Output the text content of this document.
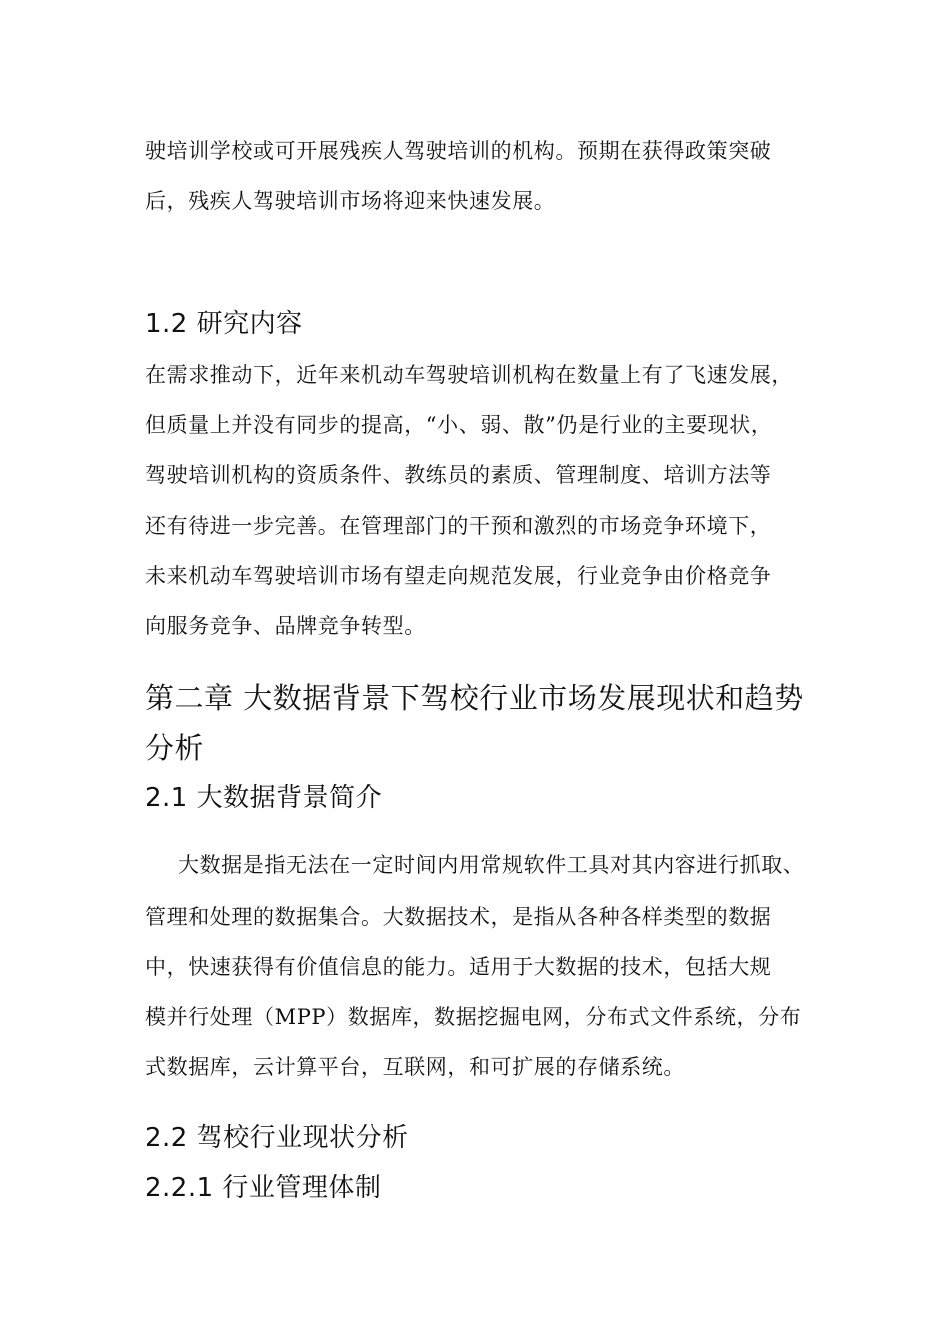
驶培训学校或可开展残疾人驾驶培训的机构。预期在获得政策突破
后，残疾人驾驶培训市场将迎来快速发展。
1.2 研究内容
在需求推动下，近年来机动车驾驶培训机构在数量上有了飞速发展，
但质量上并没有同步的提高，“小、弱、散”仍是行业的主要现状，
驾驶培训机构的资质条件、教练员的素质、管理制度、培训方法等
还有待进一步完善。在管理部门的干预和激烈的市场竞争环境下，
未来机动车驾驶培训市场有望走向规范发展，行业竞争由价格竞争
向服务竞争、品牌竞争转型。
第二章 大数据背景下驾校行业市场发展现状和趋势
分析
2.1 大数据背景简介
大数据是指无法在一定时间内用常规软件工具对其内容进行抓取、
管理和处理的数据集合。大数据技术，是指从各种各样类型的数据
中，快速获得有价值信息的能力。适用于大数据的技术，包括大规
模并行处理（MPP）数据库，数据挖掘电网，分布式文件系统，分布
式数据库，云计算平台，互联网，和可扩展的存储系统。
2.2 驾校行业现状分析
2.2.1 行业管理体制
